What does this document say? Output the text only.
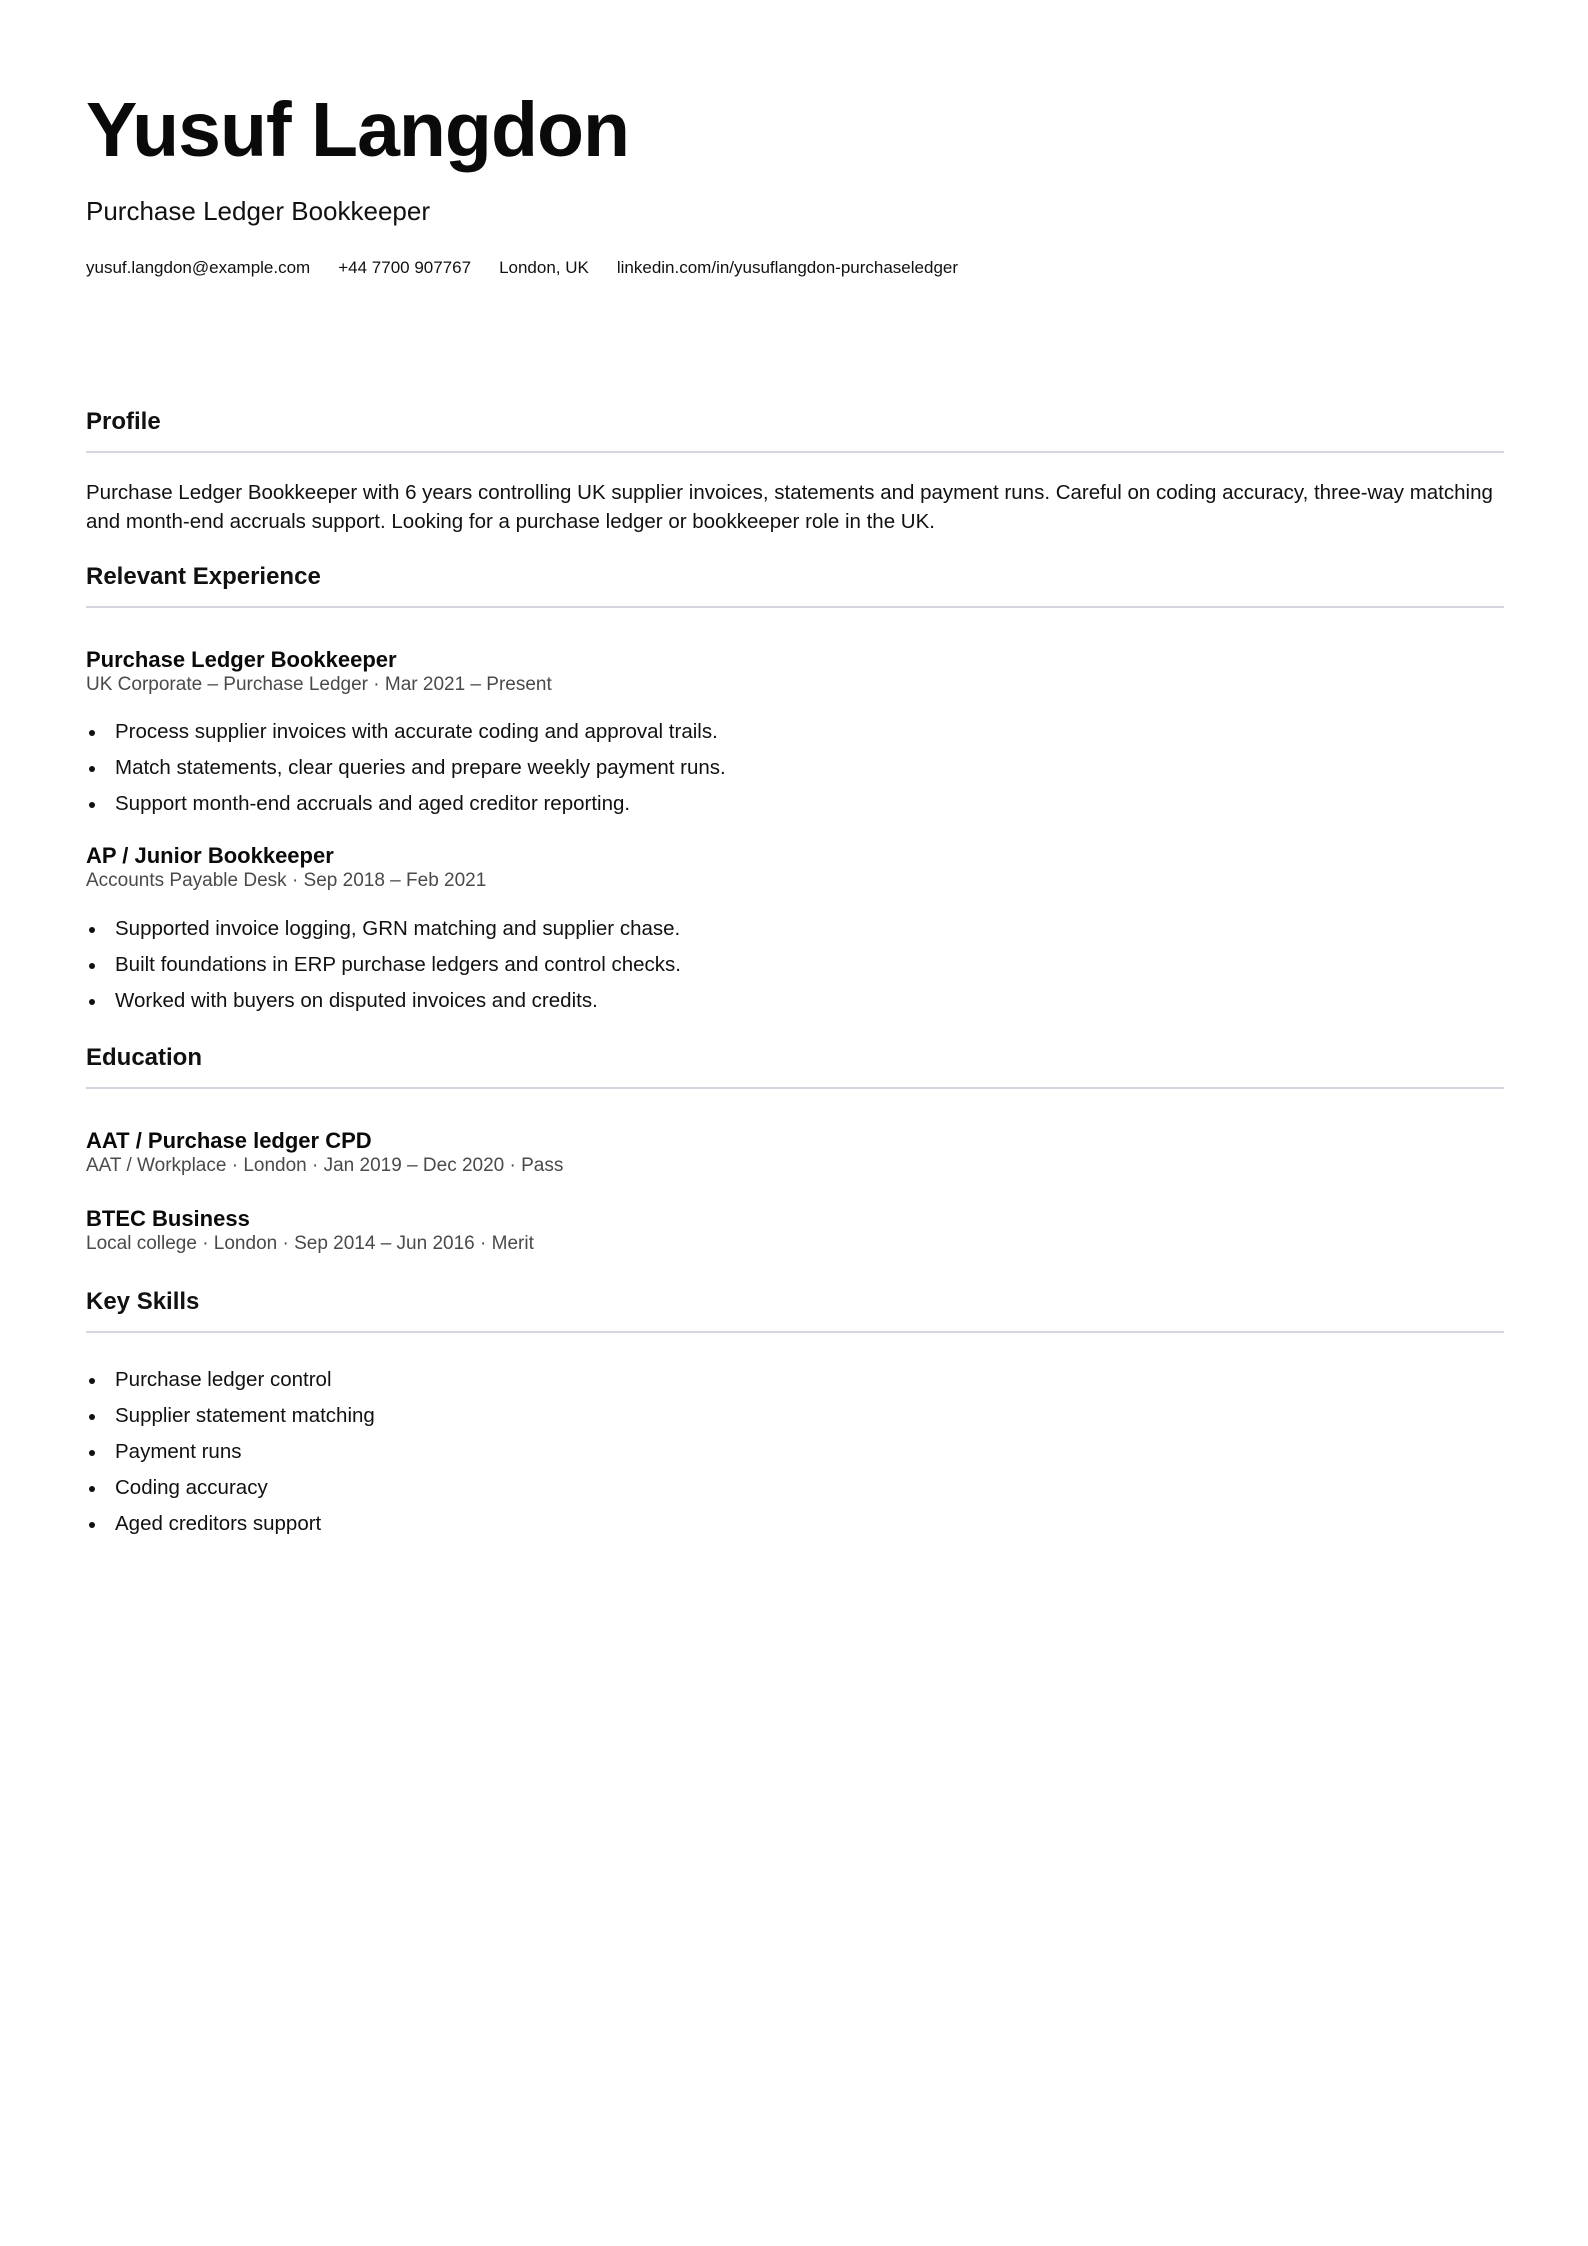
Yusuf Langdon
Purchase Ledger Bookkeeper
yusuf.langdon@example.com +44 7700 907767 London, UK linkedin.com/in/yusuflangdon-purchaseledger
Profile
Purchase Ledger Bookkeeper with 6 years controlling UK supplier invoices, statements and payment runs. Careful on coding accuracy, three-way matching and month-end accruals support. Looking for a purchase ledger or bookkeeper role in the UK.
Relevant Experience
Purchase Ledger Bookkeeper
UK Corporate – Purchase Ledger · Mar 2021 – Present
Process supplier invoices with accurate coding and approval trails.
Match statements, clear queries and prepare weekly payment runs.
Support month-end accruals and aged creditor reporting.
AP / Junior Bookkeeper
Accounts Payable Desk · Sep 2018 – Feb 2021
Supported invoice logging, GRN matching and supplier chase.
Built foundations in ERP purchase ledgers and control checks.
Worked with buyers on disputed invoices and credits.
Education
AAT / Purchase ledger CPD
AAT / Workplace · London · Jan 2019 – Dec 2020 · Pass
BTEC Business
Local college · London · Sep 2014 – Jun 2016 · Merit
Key Skills
Purchase ledger control
Supplier statement matching
Payment runs
Coding accuracy
Aged creditors support
